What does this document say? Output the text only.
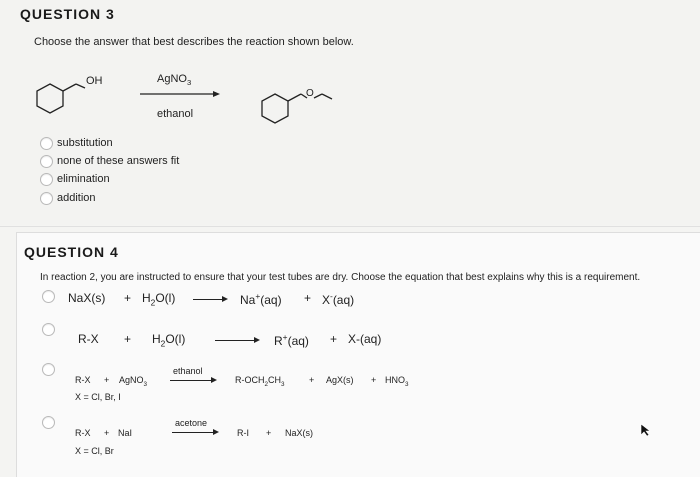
QUESTION 3
Choose the answer that best describes the reaction shown below.
OH	AgNO$_3$
ethanol
O
substitution
none of these answers fit
elimination
addition
QUESTION 4
In reaction 2, you are instructed to ensure that your test tubes are dry. Choose the equation that best explains why this is a requirement.
$NaX(s) + H_2O(l)$	Na+(aq) + X-(aq)
$R-X + H_2O(l)$	R+(aq) + X-(aq)
R-X + AgNO$_3$
ethanol
$R-OCH_2CH_3$	+ $AgX(s) + HNO_3$
X = Cl, Br, I
R-X + NaI
acetone
R-I + NaX(s)
X = Cl, Br
